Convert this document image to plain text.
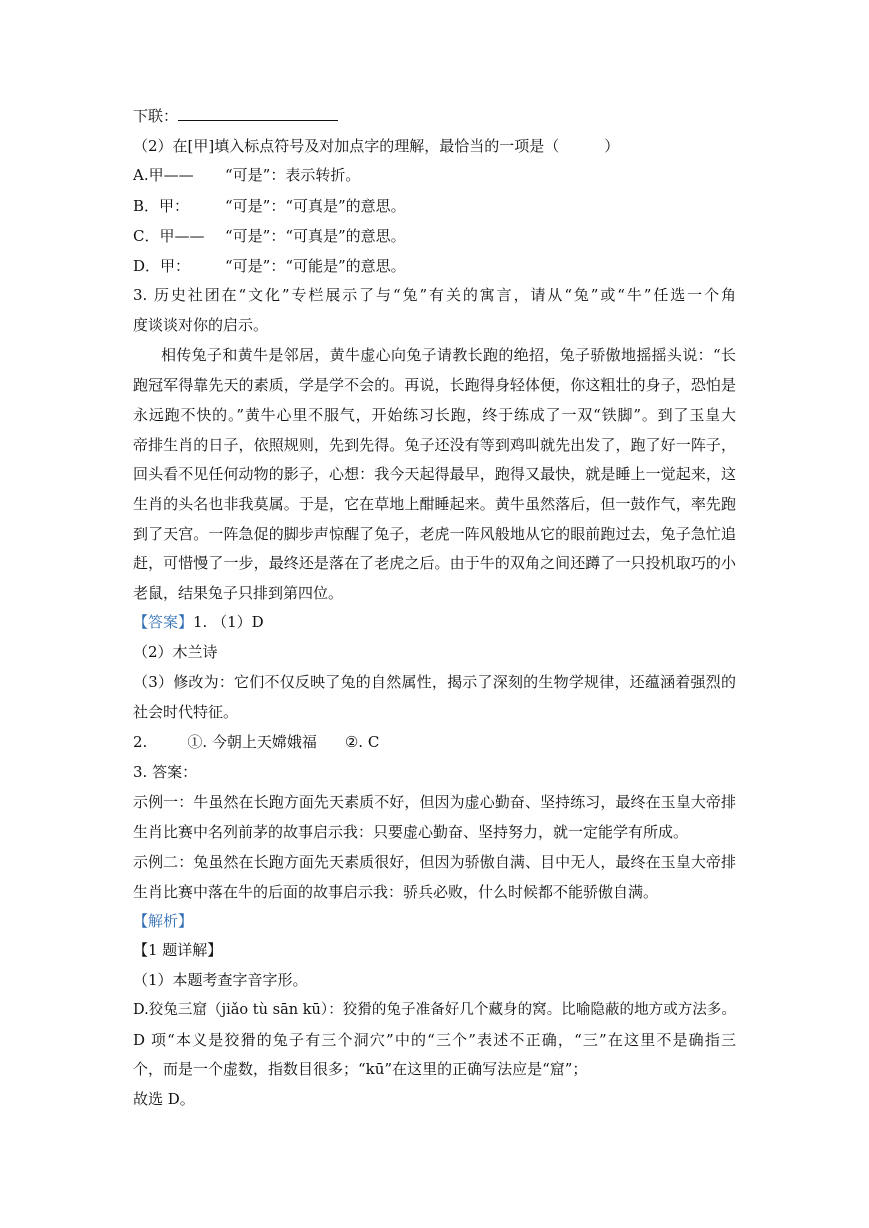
下联：
（2）在[甲]填入标点符号及对加点字的理解，最恰当的一项是（　　　）
A.甲—— “可是”：表示转折。
B．甲： “可是”：“可真是”的意思。
C．甲—— “可是”：“可真是”的意思。
D．甲： “可是”：“可能是”的意思。
3. 历史社团在“文化”专栏展示了与“兔”有关的寓言，请从“兔”或“牛”任选一个角
度谈谈对你的启示。
相传兔子和黄牛是邻居，黄牛虚心向兔子请教长跑的绝招，兔子骄傲地摇摇头说：“长
跑冠军得靠先天的素质，学是学不会的。再说，长跑得身轻体便，你这粗壮的身子，恐怕是
永远跑不快的。”黄牛心里不服气，开始练习长跑，终于练成了一双“铁脚”。到了玉皇大
帝排生肖的日子，依照规则，先到先得。兔子还没有等到鸡叫就先出发了，跑了好一阵子，
回头看不见任何动物的影子，心想：我今天起得最早，跑得又最快，就是睡上一觉起来，这
生肖的头名也非我莫属。于是，它在草地上酣睡起来。黄牛虽然落后，但一鼓作气，率先跑
到了天宫。一阵急促的脚步声惊醒了兔子，老虎一阵风般地从它的眼前跑过去，兔子急忙追
赶，可惜慢了一步，最终还是落在了老虎之后。由于牛的双角之间还蹲了一只投机取巧的小
老鼠，结果兔子只排到第四位。
【答案】1. （1）D
（2）木兰诗
（3）修改为：它们不仅反映了兔的自然属性，揭示了深刻的生物学规律，还蕴涵着强烈的
社会时代特征。
2.	①. 今朝上天嫦娥福 ②. C
3. 答案：
示例一：牛虽然在长跑方面先天素质不好，但因为虚心勤奋、坚持练习，最终在玉皇大帝排
生肖比赛中名列前茅的故事启示我：只要虚心勤奋、坚持努力，就一定能学有所成。
示例二：兔虽然在长跑方面先天素质很好，但因为骄傲自满、目中无人，最终在玉皇大帝排
生肖比赛中落在牛的后面的故事启示我：骄兵必败，什么时候都不能骄傲自满。
【解析】
【1 题详解】
（1）本题考查字音字形。
D.狡兔三窟（jiǎo tù sān kū）：狡猾的兔子准备好几个藏身的窝。比喻隐蔽的地方或方法多。
D 项“本义是狡猾的兔子有三个洞穴”中的“三个”表述不正确，“三”在这里不是确指三
个，而是一个虚数，指数目很多；“kū”在这里的正确写法应是“窟”；
故选 D。
